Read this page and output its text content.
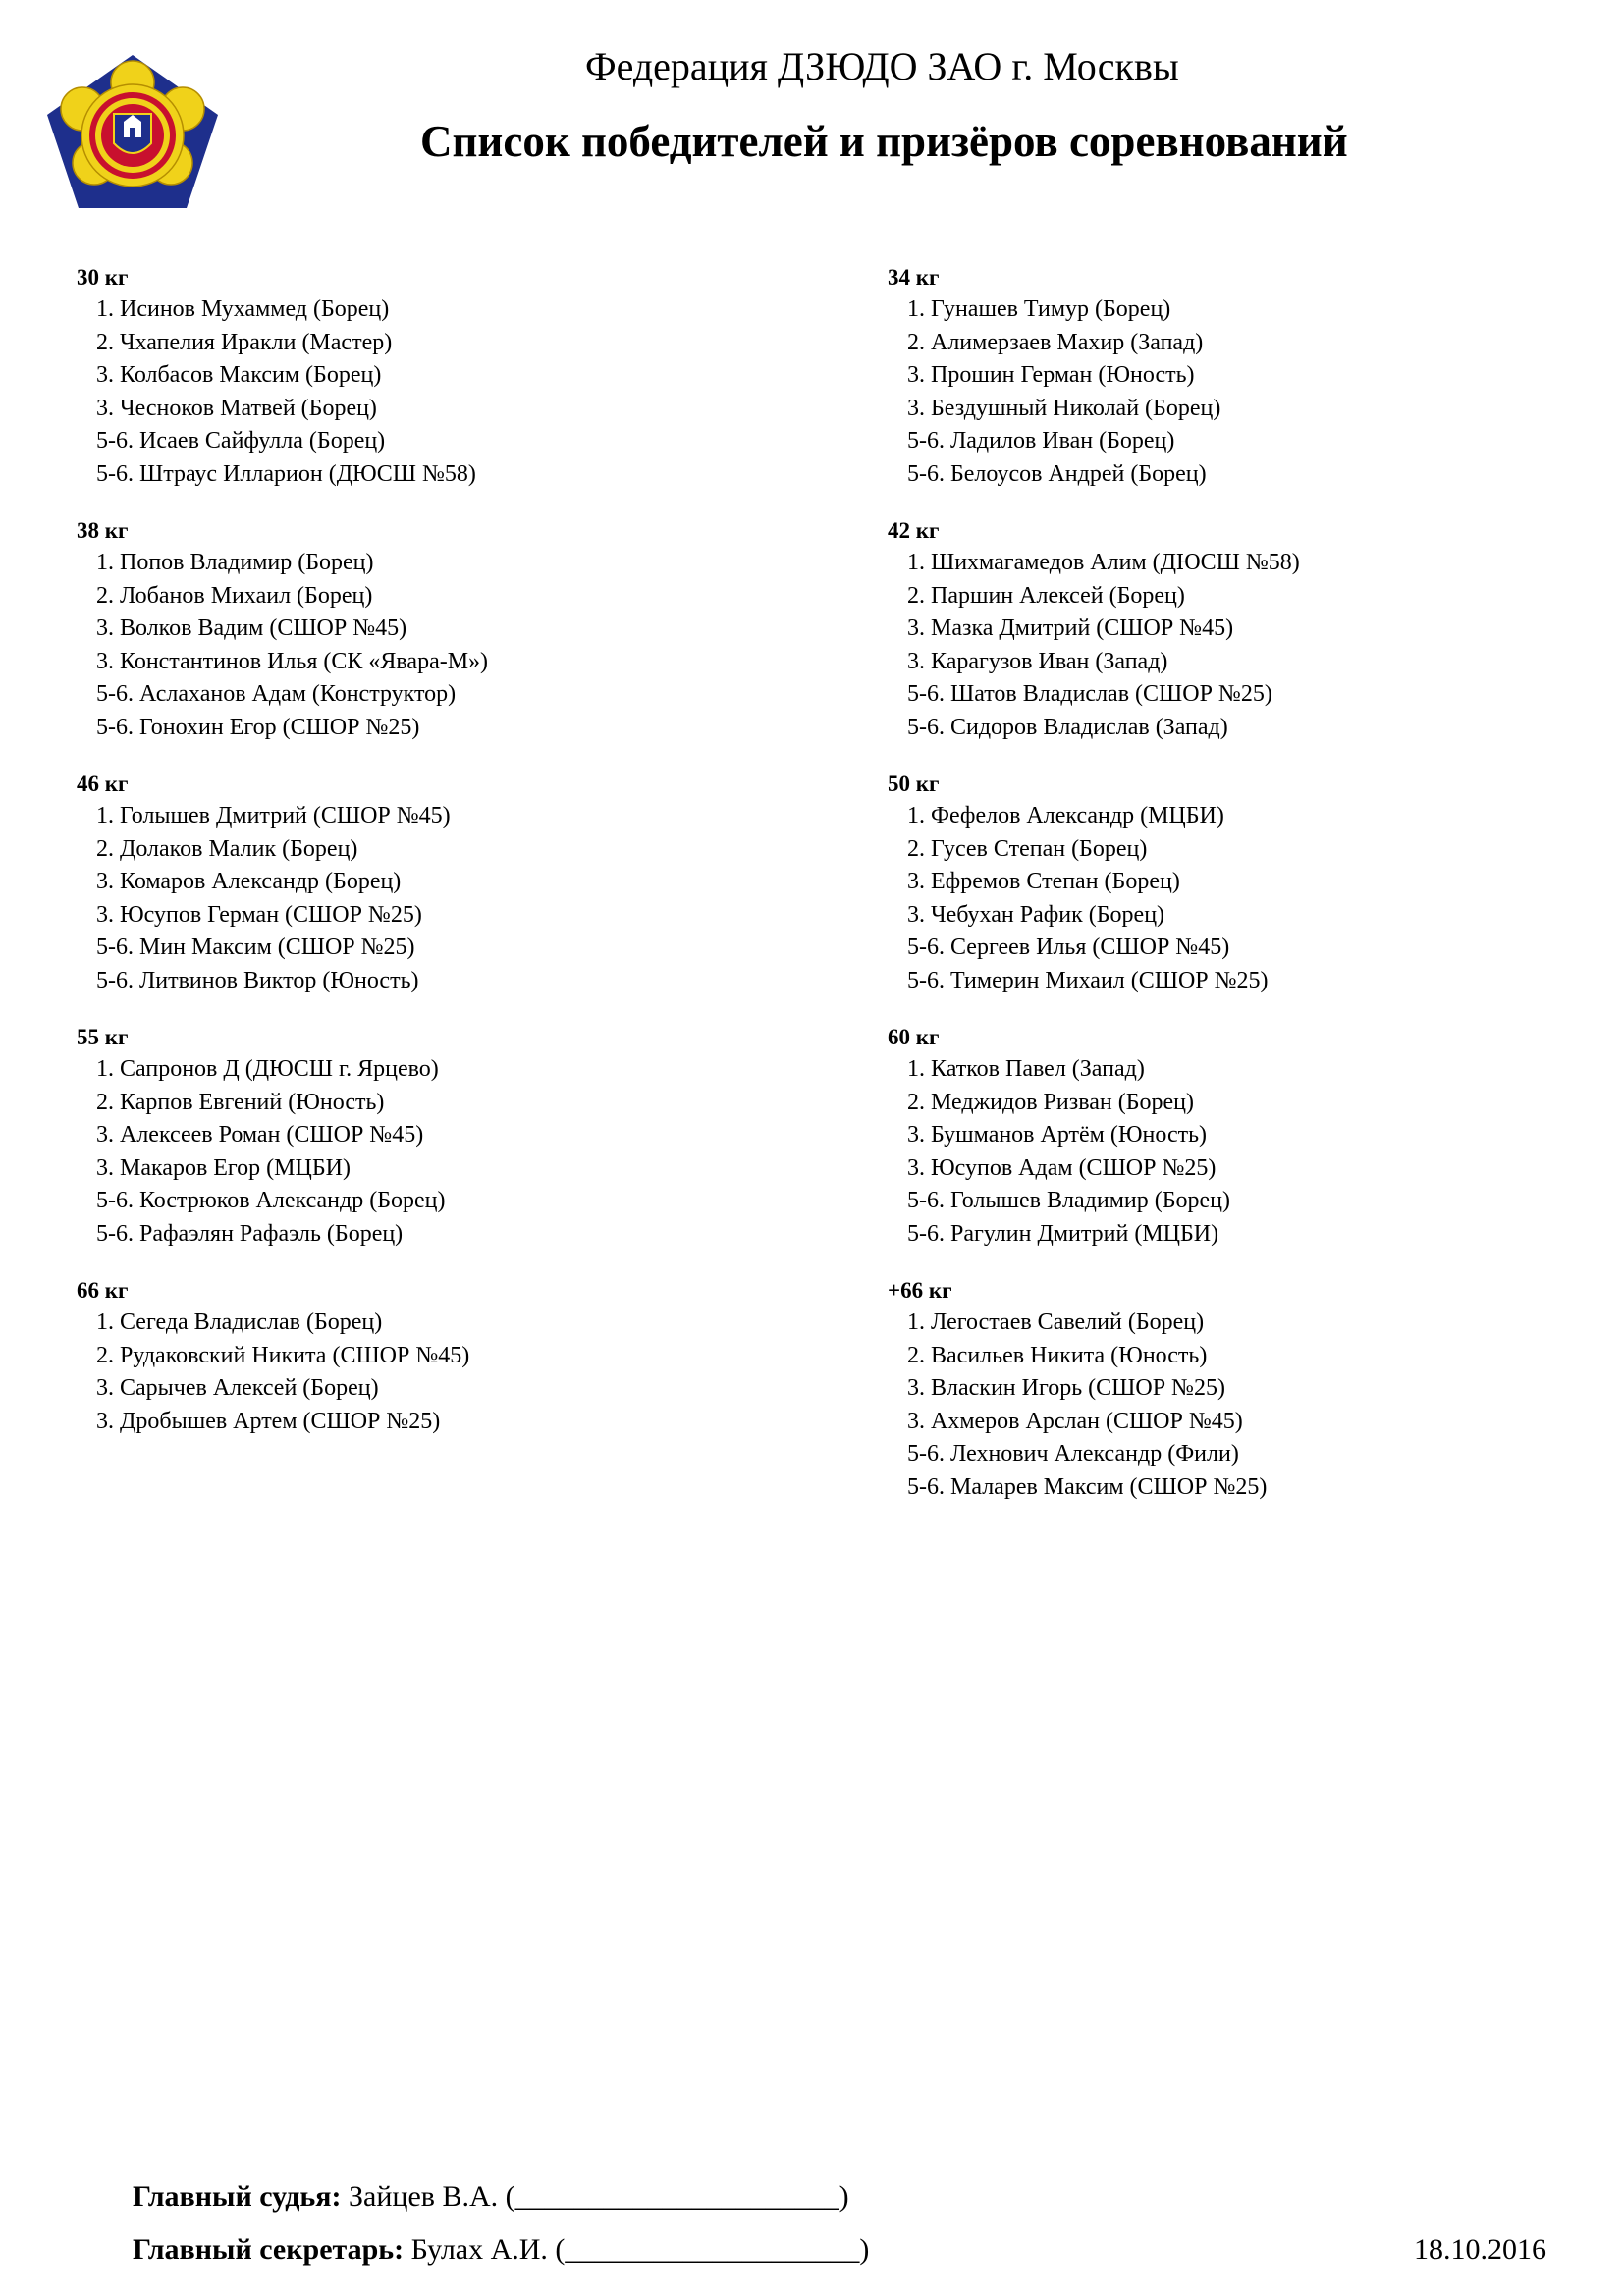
Федерация ДЗЮДО ЗАО г. Москвы
Список победителей и призёров соревнований
30 кг
1. Исинов Мухаммед (Борец)
2. Чхапелия Иракли (Мастер)
3. Колбасов Максим (Борец)
3. Чесноков Матвей (Борец)
5-6. Исаев Сайфулла (Борец)
5-6. Штраус Илларион (ДЮСШ №58)
38 кг
1. Попов Владимир (Борец)
2. Лобанов Михаил (Борец)
3. Волков Вадим (СШОР №45)
3. Константинов Илья (СК «Явара-М»)
5-6. Аслаханов Адам (Конструктор)
5-6. Гонохин Егор (СШОР №25)
46 кг
1. Голышев Дмитрий (СШОР №45)
2. Долаков Малик (Борец)
3. Комаров Александр (Борец)
3. Юсупов Герман (СШОР №25)
5-6. Мин Максим (СШОР №25)
5-6. Литвинов Виктор (Юность)
55 кг
1. Сапронов Д (ДЮСШ г. Ярцево)
2. Карпов Евгений (Юность)
3. Алексеев Роман (СШОР №45)
3. Макаров Егор (МЦБИ)
5-6. Кострюков Александр (Борец)
5-6. Рафаэлян Рафаэль (Борец)
66 кг
1. Сегеда Владислав (Борец)
2. Рудаковский Никита (СШОР №45)
3. Сарычев Алексей (Борец)
3. Дробышев Артем (СШОР №25)
34 кг
1. Гунашев Тимур (Борец)
2. Алимерзаев Махир (Запад)
3. Прошин Герман (Юность)
3. Бездушный Николай (Борец)
5-6. Ладилов Иван (Борец)
5-6. Белоусов Андрей (Борец)
42 кг
1. Шихмагамедов Алим (ДЮСШ №58)
2. Паршин Алексей (Борец)
3. Мазка Дмитрий (СШОР №45)
3. Карагузов Иван (Запад)
5-6. Шатов Владислав (СШОР №25)
5-6. Сидоров Владислав (Запад)
50 кг
1. Фефелов Александр (МЦБИ)
2. Гусев Степан (Борец)
3. Ефремов Степан (Борец)
3. Чебухан Рафик (Борец)
5-6. Сергеев Илья (СШОР №45)
5-6. Тимерин Михаил (СШОР №25)
60 кг
1. Катков Павел (Запад)
2. Меджидов Ризван (Борец)
3. Бушманов Артём (Юность)
3. Юсупов Адам (СШОР №25)
5-6. Голышев Владимир (Борец)
5-6. Рагулин Дмитрий (МЦБИ)
+66 кг
1. Легостаев Савелий (Борец)
2. Васильев Никита (Юность)
3. Власкин Игорь (СШОР №25)
3. Ахмеров Арслан (СШОР №45)
5-6. Лехнович Александр (Фили)
5-6. Маларев Максим (СШОР №25)
Главный судья: Зайцев В.А. (______________________)
Главный секретарь: Булах А.И. (____________________)	18.10.2016
